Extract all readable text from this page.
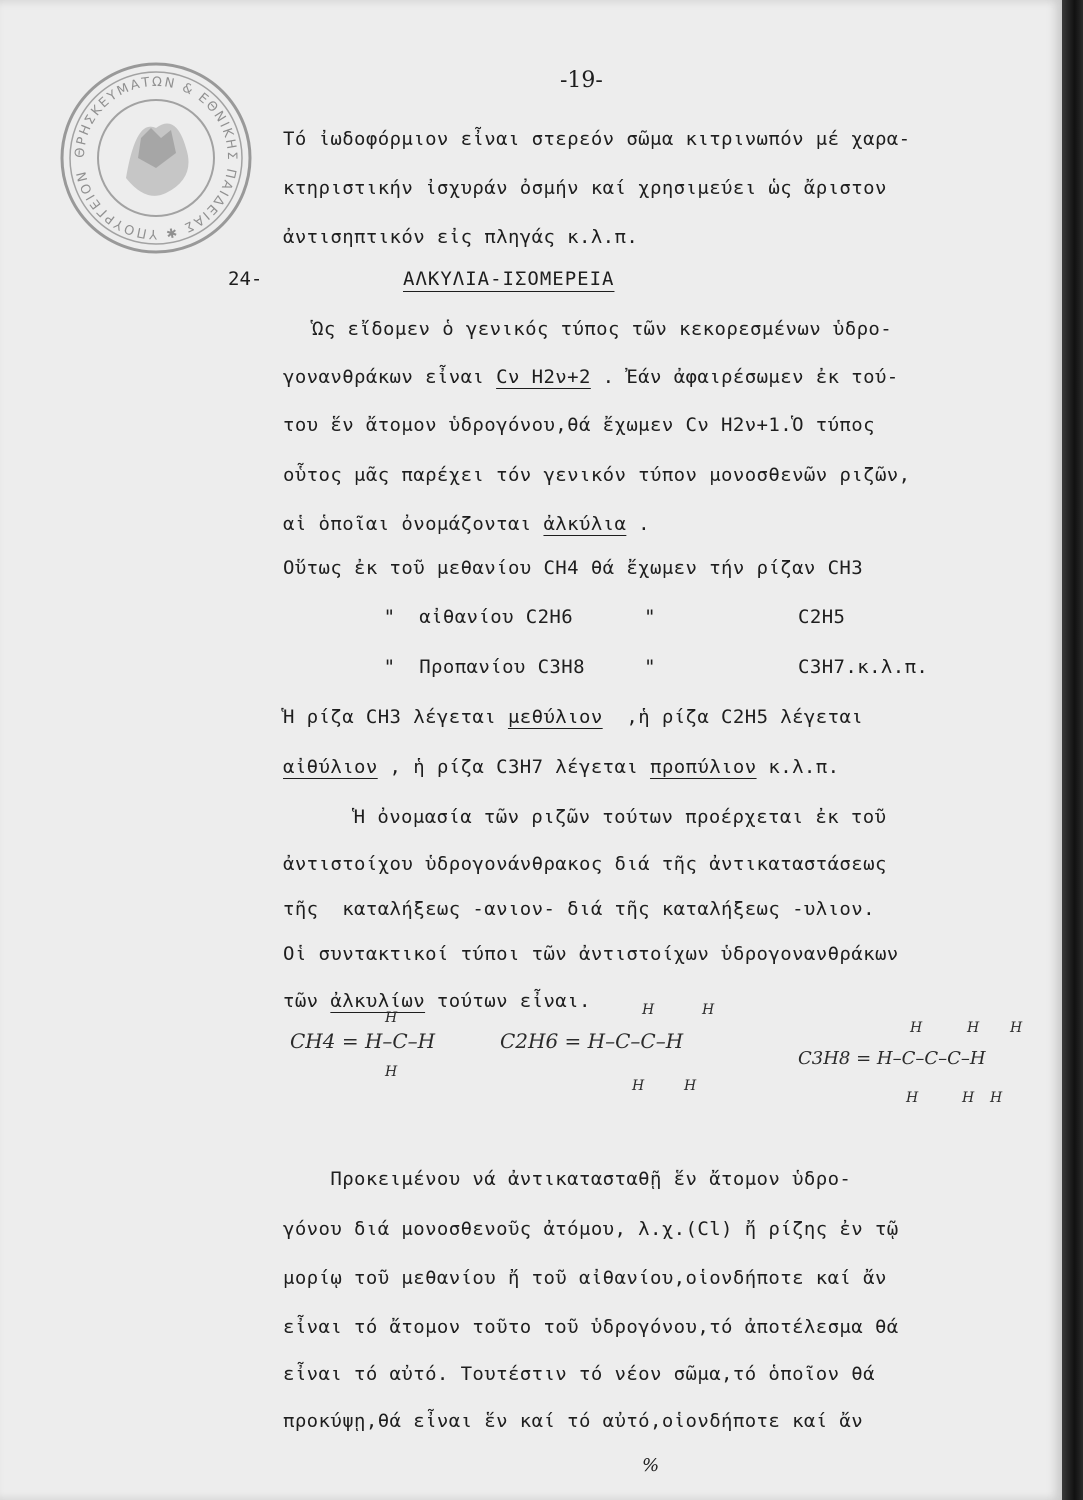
ΘΡΗΣΚΕΥΜΑΤΩΝ & ΕΘΝΙΚΗΣ ΠΑΙΔΕΙΑΣ ✱ ΥΠΟΥΡΓΕΙΟΝ
-19-
Τό ἰωδοφόρμιον εἶναι στερεόν σῶμα κιτρινωπόν μέ χαρα-
κτηριστικήν ἰσχυράν ὀσμήν καί χρησιμεύει ὡς ἄριστον
ἀντισηπτικόν εἰς πληγάς κ.λ.π.
24-	ΑΛΚΥΛΙΑ-ΙΣΟΜΕΡΕΙΑ
Ὡς εἴδομεν ὁ γενικός τύπος τῶν κεκορεσμένων ὑδρο-
γονανθράκων εἶναι Cν H2ν+2 . Ἐάν ἀφαιρέσωμεν ἐκ τού-
του ἕν ἄτομον ὑδρογόνου,θά ἔχωμεν Cν H2ν+1.Ὁ τύπος
οὗτος μᾶς παρέχει τόν γενικόν τύπον μονοσθενῶν ριζῶν,
αἱ ὁποῖαι ὀνομάζονται ἀλκύλια .
Οὕτως ἐκ τοῦ μεθανίου CH4 θά ἔχωμεν τήν ρίζαν CH3
"  αἰθανίου C2H6      "            C2H5
"  Προπανίου C3H8     "            C3H7.κ.λ.π.
Ἡ ρίζα CH3 λέγεται μεθύλιον  ,ἡ ρίζα C2H5 λέγεται
αἰθύλιον , ἡ ρίζα C3H7 λέγεται προπύλιον κ.λ.π.
Ἡ ὀνομασία τῶν ριζῶν τούτων προέρχεται ἐκ τοῦ
ἀντιστοίχου ὑδρογονάνθρακος διά τῆς ἀντικαταστάσεως
τῆς  καταλήξεως -ανιον- διά τῆς καταλήξεως -υλιον.
Οἱ συντακτικοί τύποι τῶν ἀντιστοίχων ὑδρογονανθράκων
τῶν ἀλκυλίων τούτων εἶναι.
CH4 = H–C–H
H
H
C2H6 = H–C–C–H
H	H
H	H
C3H8 = H–C–C–C–H
H	H H
H	H H
Προκειμένου νά ἀντικατασταθῇ ἕν ἄτομον ὑδρο-
γόνου διά μονοσθενοῦς ἀτόμου, λ.χ.(Cl) ἤ ρίζης ἐν τῷ
μορίῳ τοῦ μεθανίου ἤ τοῦ αἰθανίου,οἱονδήποτε καί ἄν
εἶναι τό ἄτομον τοῦτο τοῦ ὑδρογόνου,τό ἀποτέλεσμα θά
εἶναι τό αὐτό. Τουτέστιν τό νέον σῶμα,τό ὁποῖον θά
προκύψῃ,θά εἶναι ἕν καί τό αὐτό,οἱονδήποτε καί ἄν
%
